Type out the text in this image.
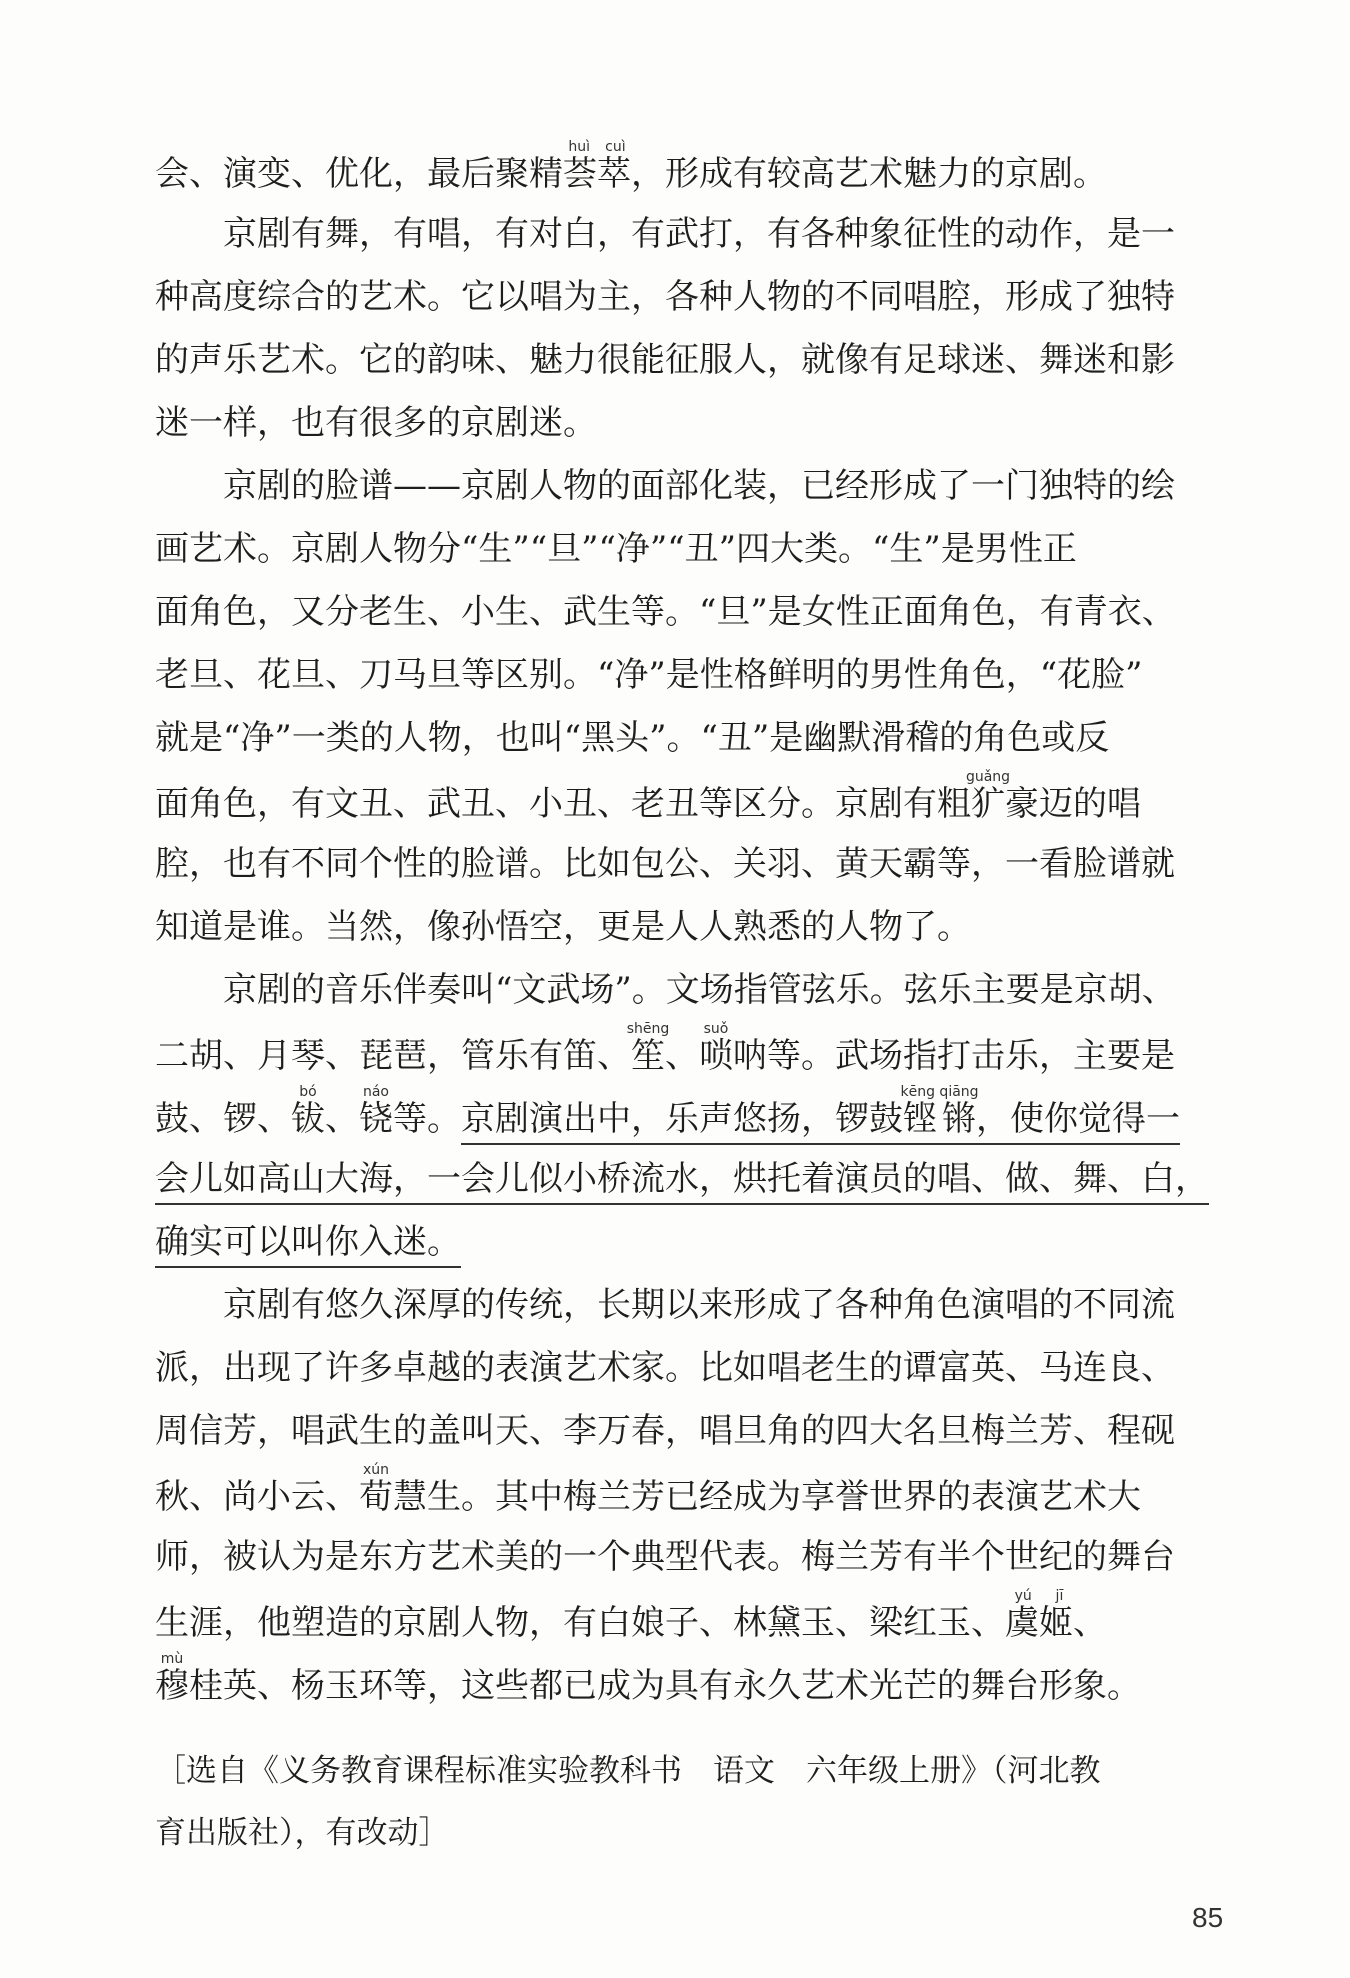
会、演变、优化，最后聚精荟萃huì cuì，形成有较高艺术魅力的京剧。
京剧有舞，有唱，有对白，有武打，有各种象征性的动作，是一
种高度综合的艺术。它以唱为主，各种人物的不同唱腔，形成了独特
的声乐艺术。它的韵味、魅力很能征服人，就像有足球迷、舞迷和影
迷一样，也有很多的京剧迷。
京剧的脸谱——京剧人物的面部化装，已经形成了一门独特的绘
画艺术。京剧人物分“生”“旦”“净”“丑”四大类。“生”是男性正
面角色，又分老生、小生、武生等。“旦”是女性正面角色，有青衣、
老旦、花旦、刀马旦等区别。“净”是性格鲜明的男性角色，“花脸”
就是“净”一类的人物，也叫“黑头”。“丑”是幽默滑稽的角色或反
面角色，有文丑、武丑、小丑、老丑等区分。京剧有粗犷guǎng豪迈的唱
腔，也有不同个性的脸谱。比如包公、关羽、黄天霸等，一看脸谱就
知道是谁。当然，像孙悟空，更是人人熟悉的人物了。
京剧的音乐伴奏叫“文武场”。文场指管弦乐。弦乐主要是京胡、
二胡、月琴、琵琶，管乐有笛、笙shēng、唢suǒ呐等。武场指打击乐，主要是
鼓、锣、钹bó、铙náo等。京剧演出中，乐声悠扬，锣鼓铿锵kēng qiāng，使你觉得一
会儿如高山大海，一会儿似小桥流水，烘托着演员的唱、做、舞、白，
确实可以叫你入迷。
京剧有悠久深厚的传统，长期以来形成了各种角色演唱的不同流
派，出现了许多卓越的表演艺术家。比如唱老生的谭富英、马连良、
周信芳，唱武生的盖叫天、李万春，唱旦角的四大名旦梅兰芳、程砚
秋、尚小云、荀xún慧生。其中梅兰芳已经成为享誉世界的表演艺术大
师，被认为是东方艺术美的一个典型代表。梅兰芳有半个世纪的舞台
生涯，他塑造的京剧人物，有白娘子、林黛玉、梁红玉、虞姬yú jī、
穆mù桂英、杨玉环等，这些都已成为具有永久艺术光芒的舞台形象。
［选自《义务教育课程标准实验教科书　语文　六年级上册》（河北教
育出版社），有改动］
85
